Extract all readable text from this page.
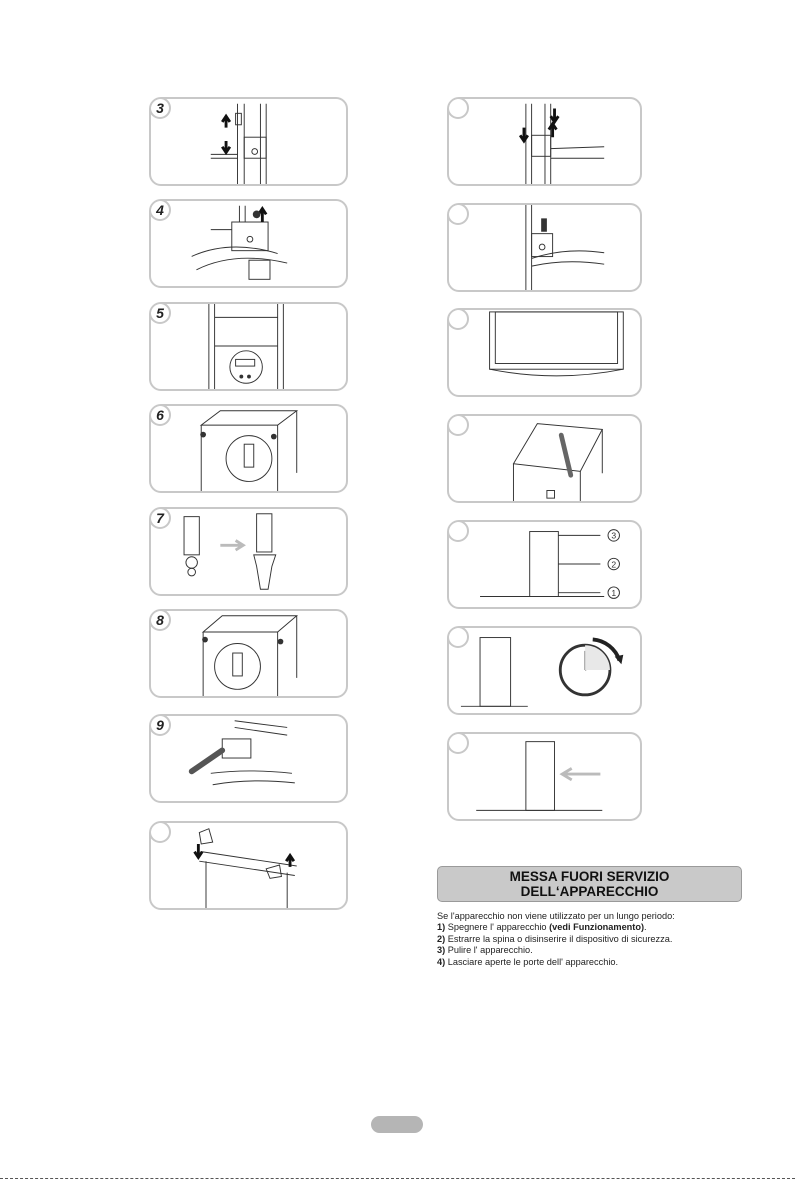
3
4
5
6
7
8
9
3
2
1
MESSA FUORI SERVIZIO
DELL‘APPARECCHIO
Se l'apparecchio non viene utilizzato per un lungo periodo:
1) Spegnere l' apparecchio (vedi Funzionamento).
2) Estrarre la spina o disinserire il dispositivo di sicurezza.
3) Pulire l' apparecchio.
4) Lasciare aperte le porte dell' apparecchio.
